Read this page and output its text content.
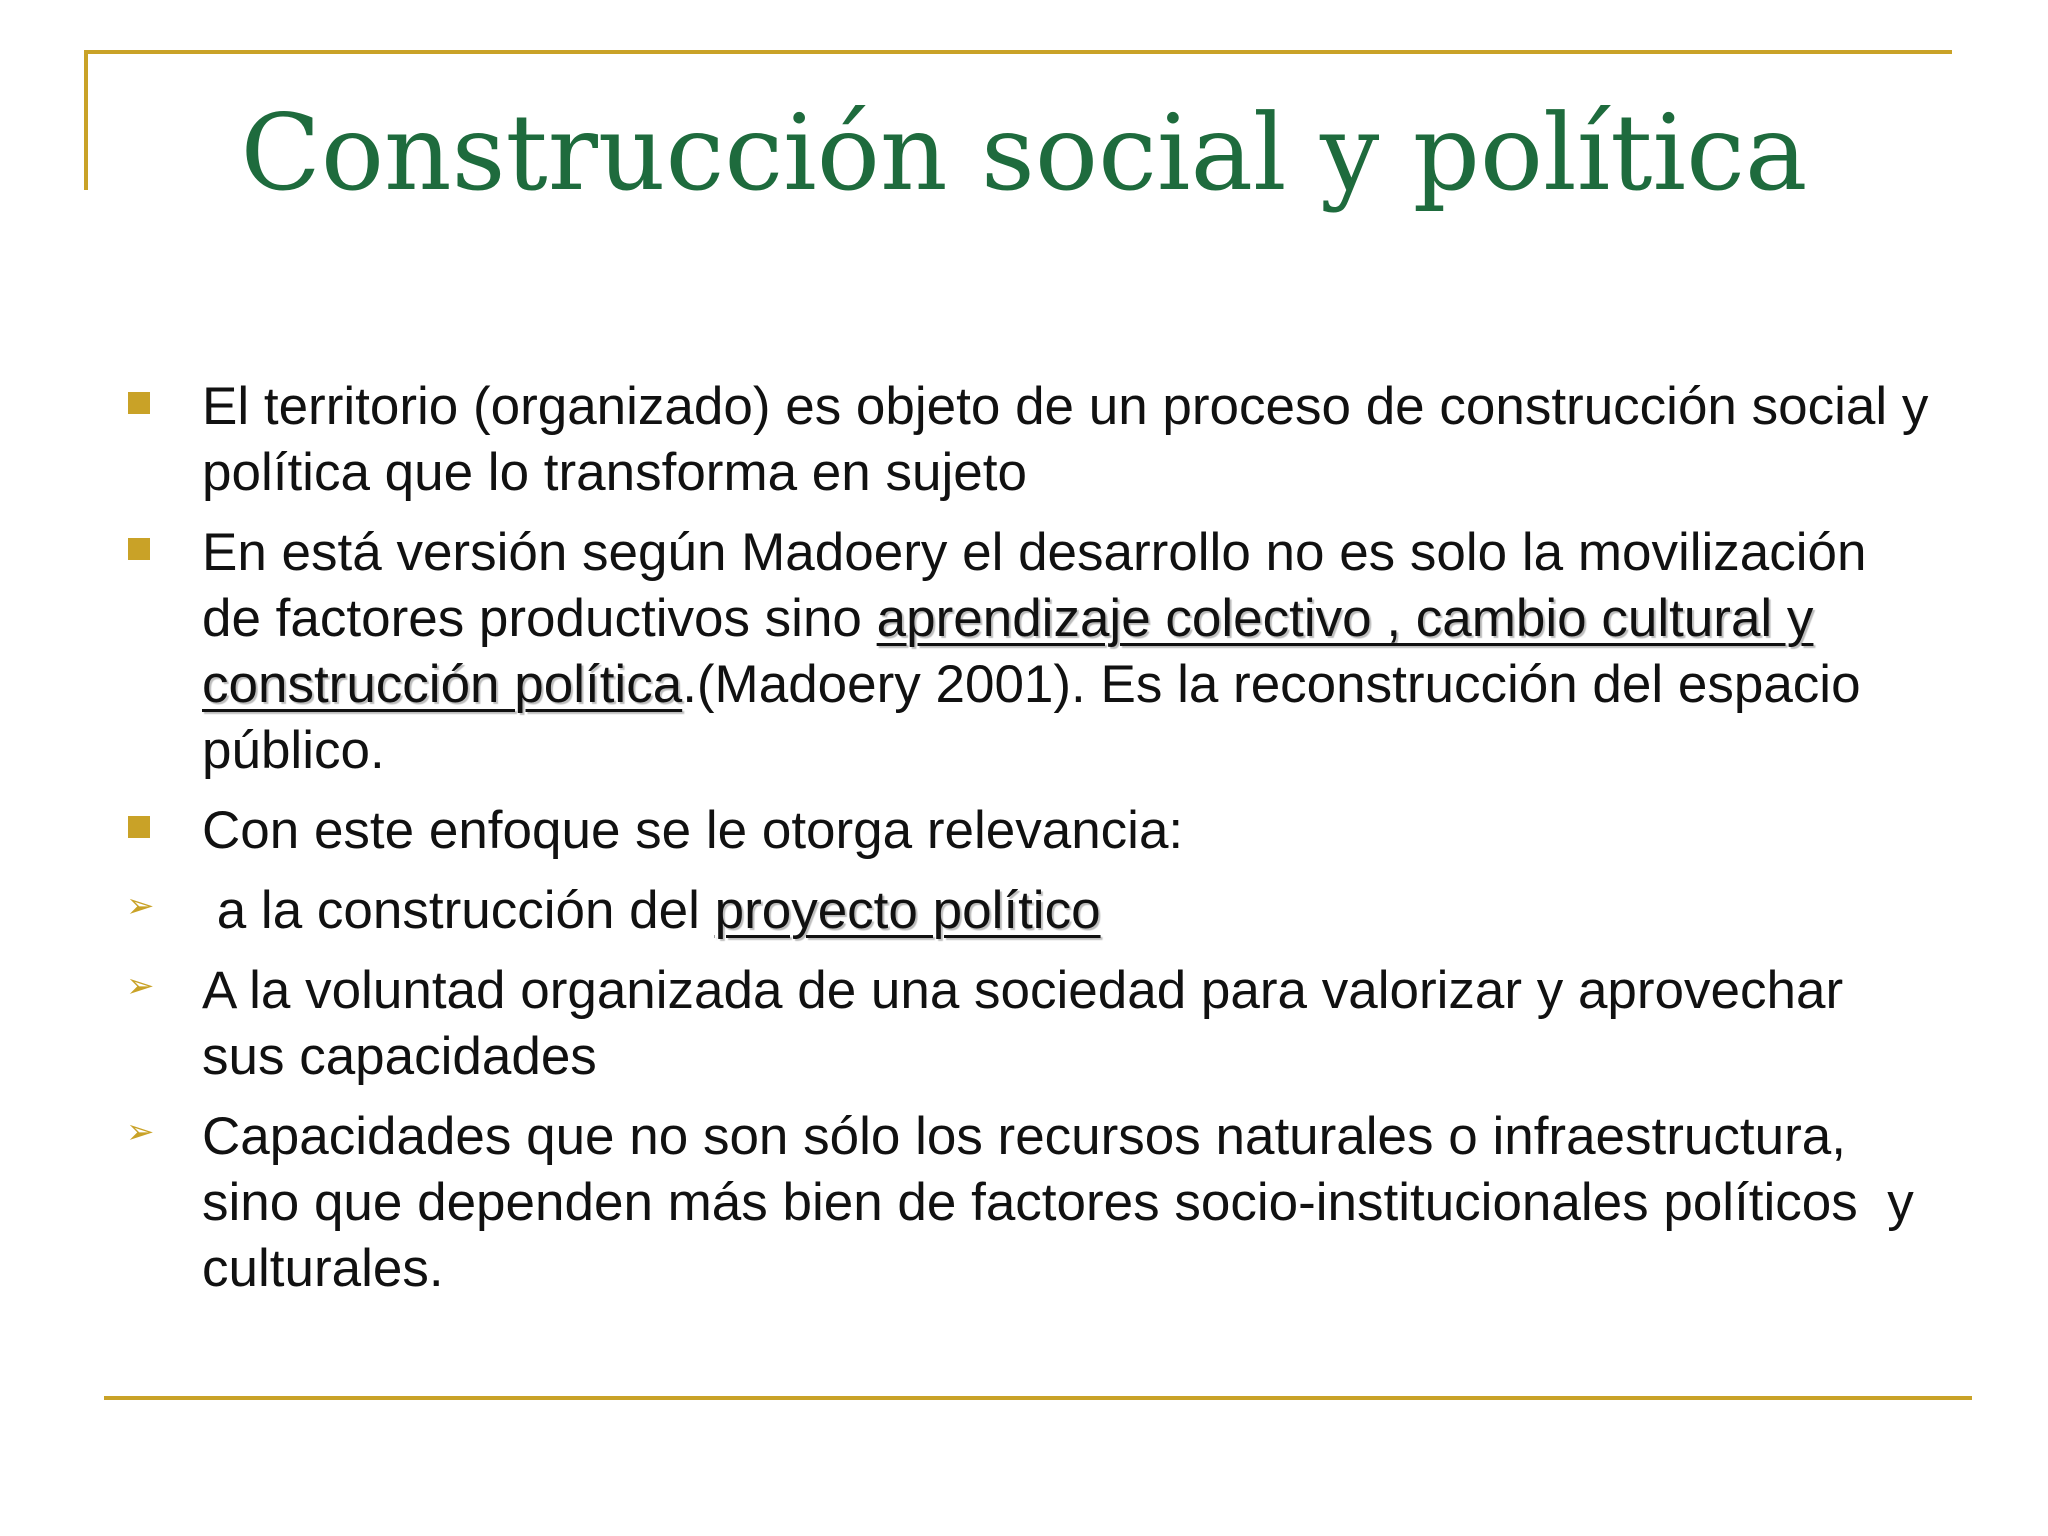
Construcción social y política
El territorio (organizado) es objeto de un proceso de construcción social y política que lo transforma en sujeto
En está versión según Madoery el desarrollo no es solo la movilización de factores productivos sino aprendizaje colectivo , cambio cultural y construcción política.(Madoery 2001). Es la reconstrucción del espacio público.
Con este enfoque se le otorga relevancia:
➢ a la construcción del proyecto político
➢ A la voluntad organizada de una sociedad para valorizar y aprovechar sus capacidades
➢ Capacidades que no son sólo los recursos naturales o infraestructura, sino que dependen más bien de factores socio-institucionales políticos  y culturales.
